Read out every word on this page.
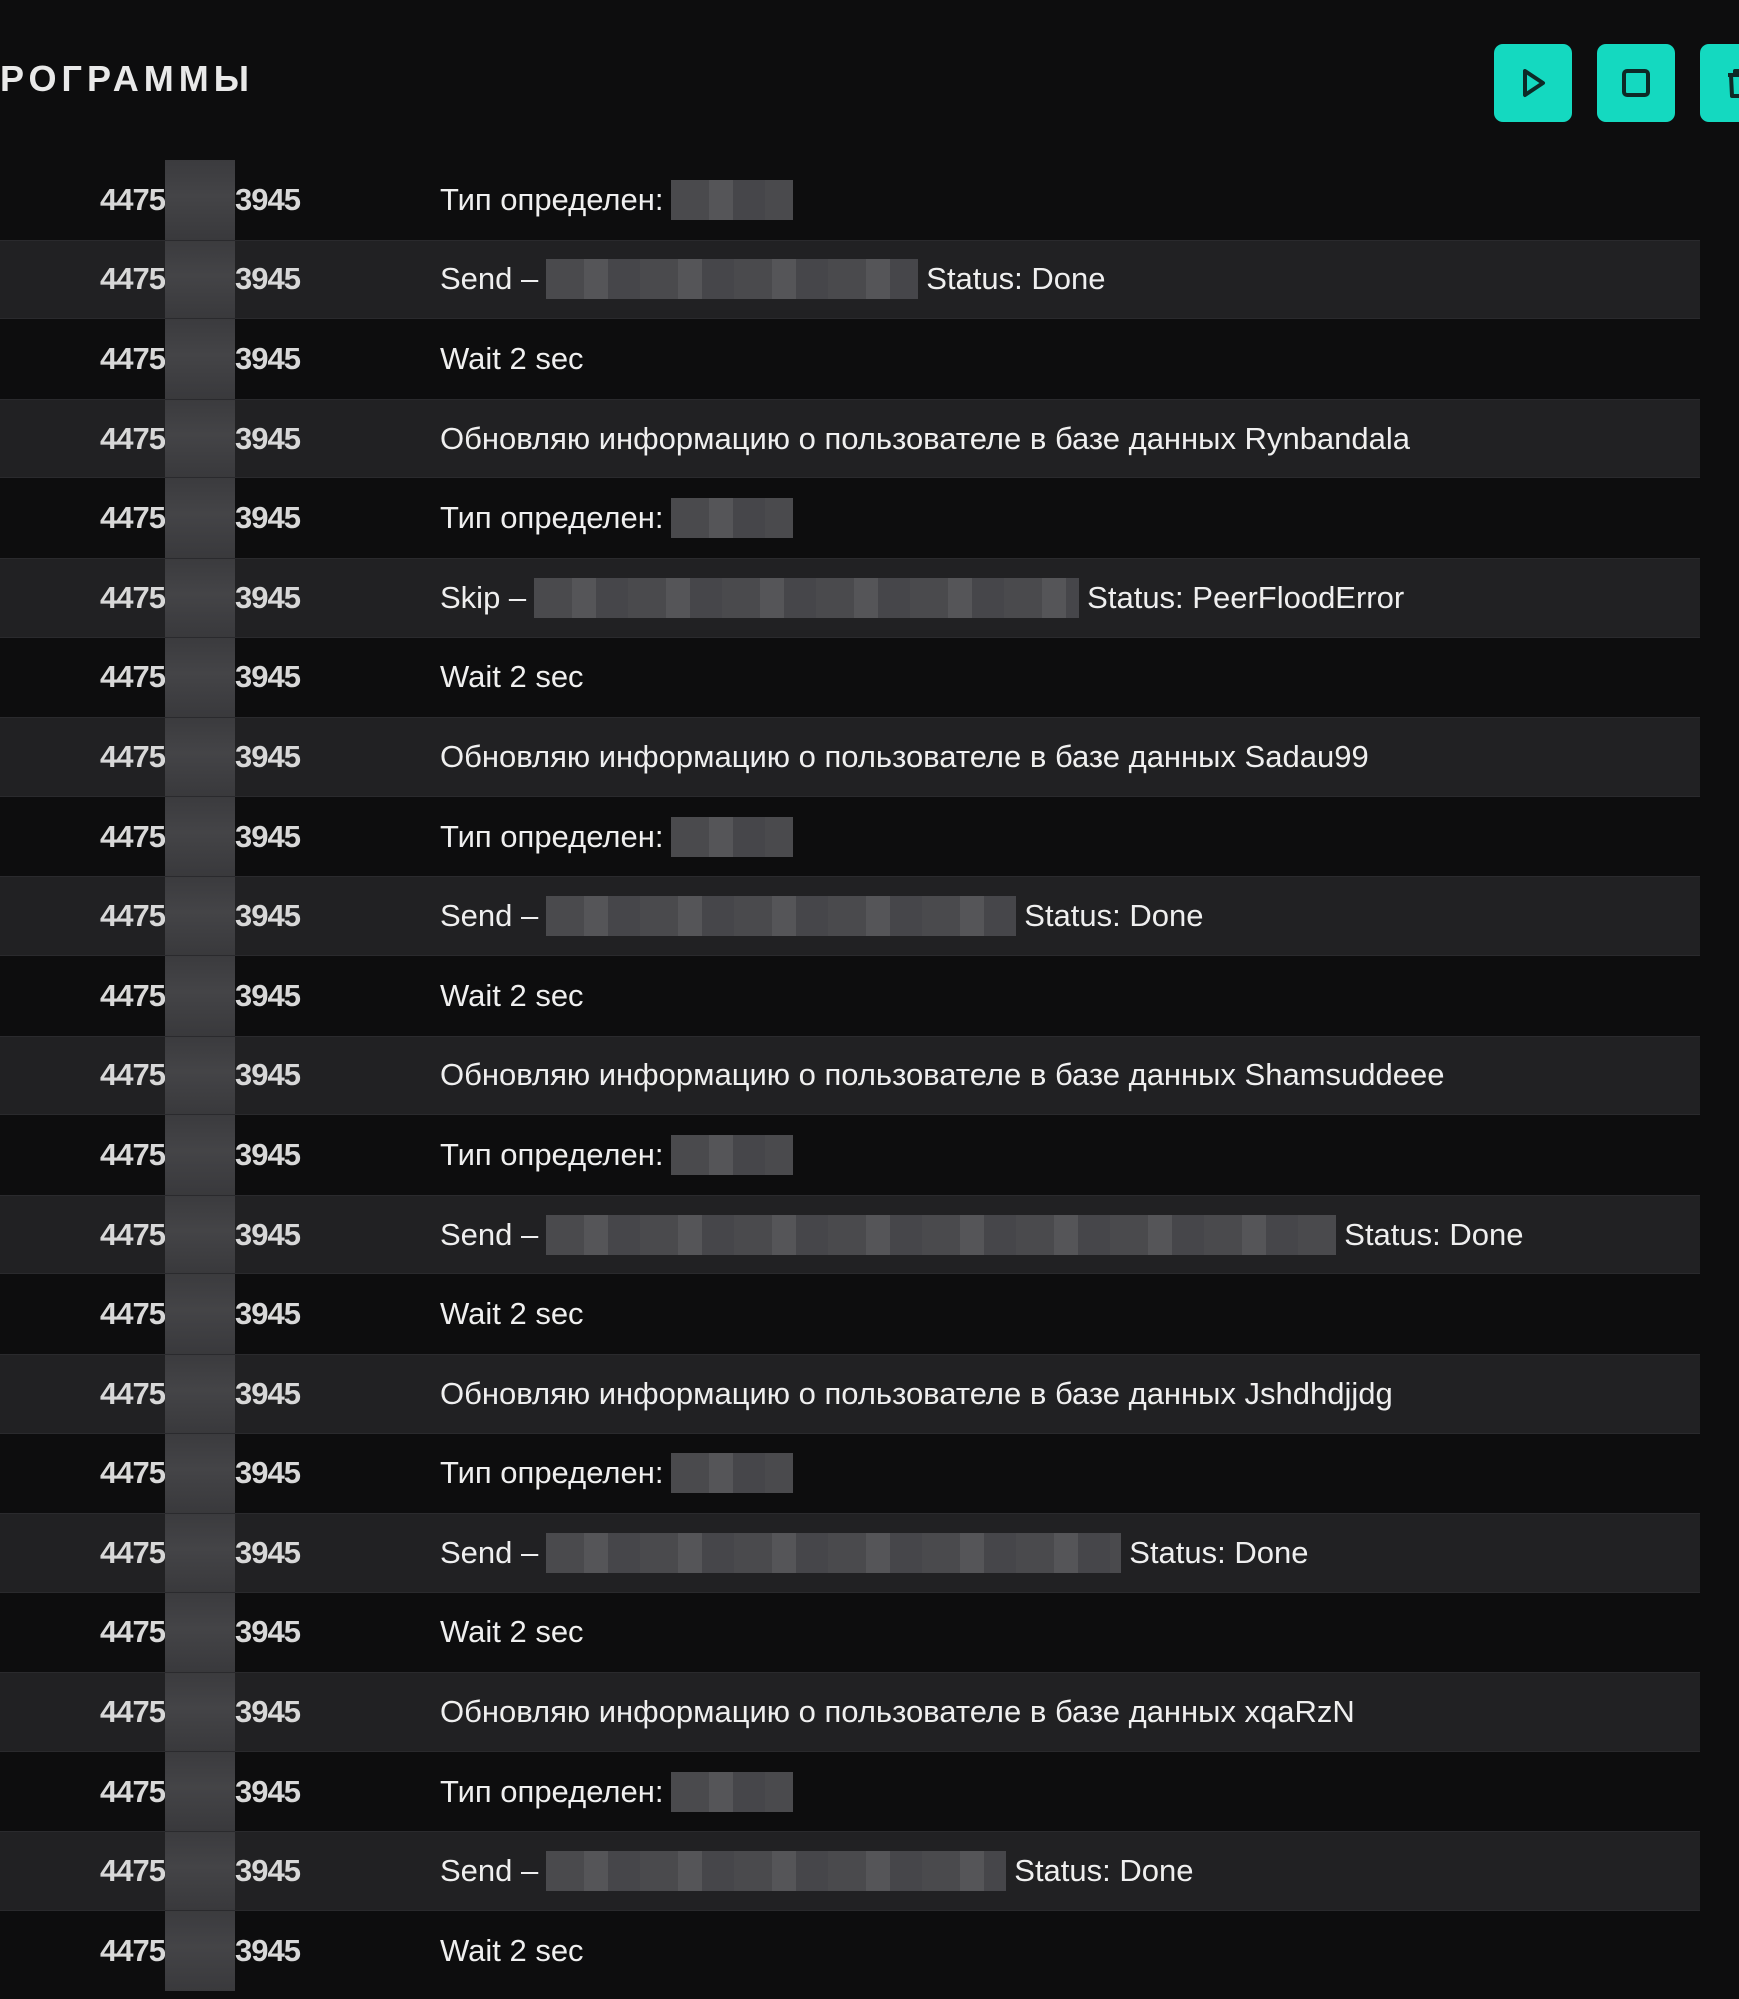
РОГРАММЫ
4475 3945	Тип определен:
4475 3945	Send –	Status: Done
4475 3945	Wait 2 sec
4475 3945	Обновляю информацию о пользователе в базе данных Rynbandala
4475 3945	Тип определен:
4475 3945	Skip –	Status: PeerFloodError
4475 3945	Wait 2 sec
4475 3945	Обновляю информацию о пользователе в базе данных Sadau99
4475 3945	Тип определен:
4475 3945	Send –	Status: Done
4475 3945	Wait 2 sec
4475 3945	Обновляю информацию о пользователе в базе данных Shamsuddeee
4475 3945	Тип определен:
4475 3945	Send –	Status: Done
4475 3945	Wait 2 sec
4475 3945	Обновляю информацию о пользователе в базе данных Jshdhdjjdg
4475 3945	Тип определен:
4475 3945	Send –	Status: Done
4475 3945	Wait 2 sec
4475 3945	Обновляю информацию о пользователе в базе данных xqaRzN
4475 3945	Тип определен:
4475 3945	Send –	Status: Done
4475 3945	Wait 2 sec
